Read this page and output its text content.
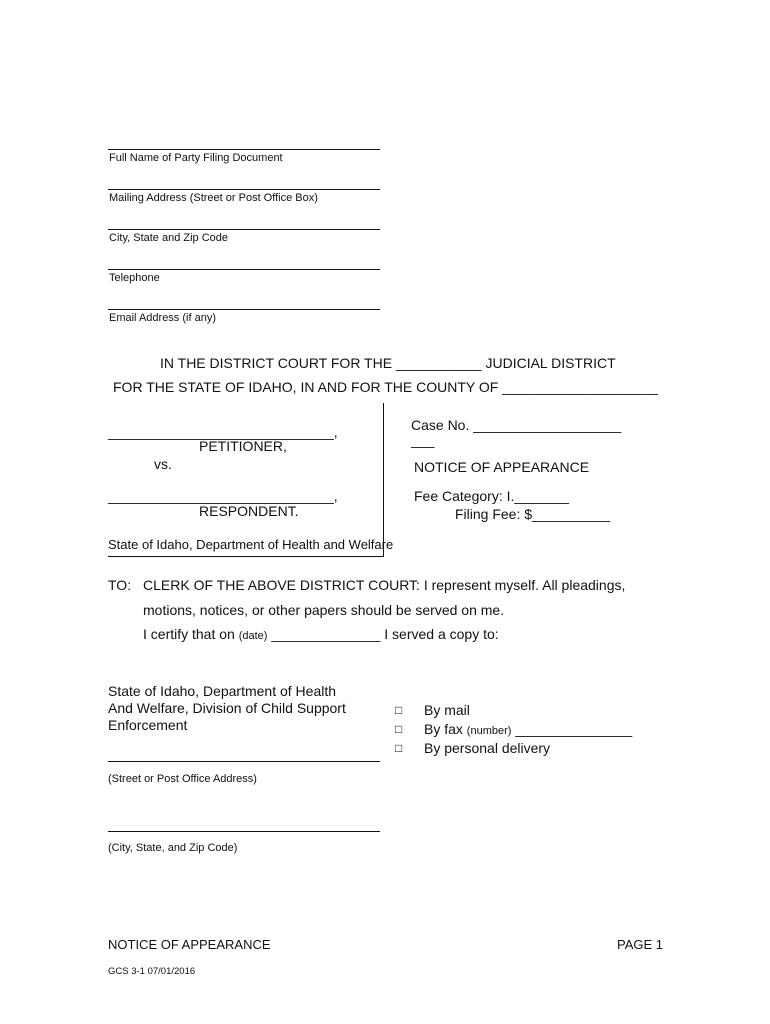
Full Name of Party Filing Document
Mailing Address (Street or Post Office Box)
City, State and Zip Code
Telephone
Email Address (if any)
IN THE DISTRICT COURT FOR THE ___________ JUDICIAL DISTRICT
FOR THE STATE OF IDAHO, IN AND FOR THE COUNTY OF ____________________
_____________________________,
PETITIONER,
vs.
_____________________________,
RESPONDENT.
State of Idaho, Department of Health and Welfare
Case No. ___________________
___
NOTICE OF APPEARANCE
Fee Category: I._______
Filing Fee: $__________
TO: CLERK OF THE ABOVE DISTRICT COURT: I represent myself. All pleadings,
motions, notices, or other papers should be served on me.
I certify that on (date) ______________ I served a copy to:
State of Idaho, Department of Health
And Welfare, Division of Child Support
Enforcement
(Street or Post Office Address)
(City, State, and Zip Code)
□ By mail
□ By fax (number) _______________
□ By personal delivery
NOTICE OF APPEARANCE	PAGE 1
GCS 3-1 07/01/2016
